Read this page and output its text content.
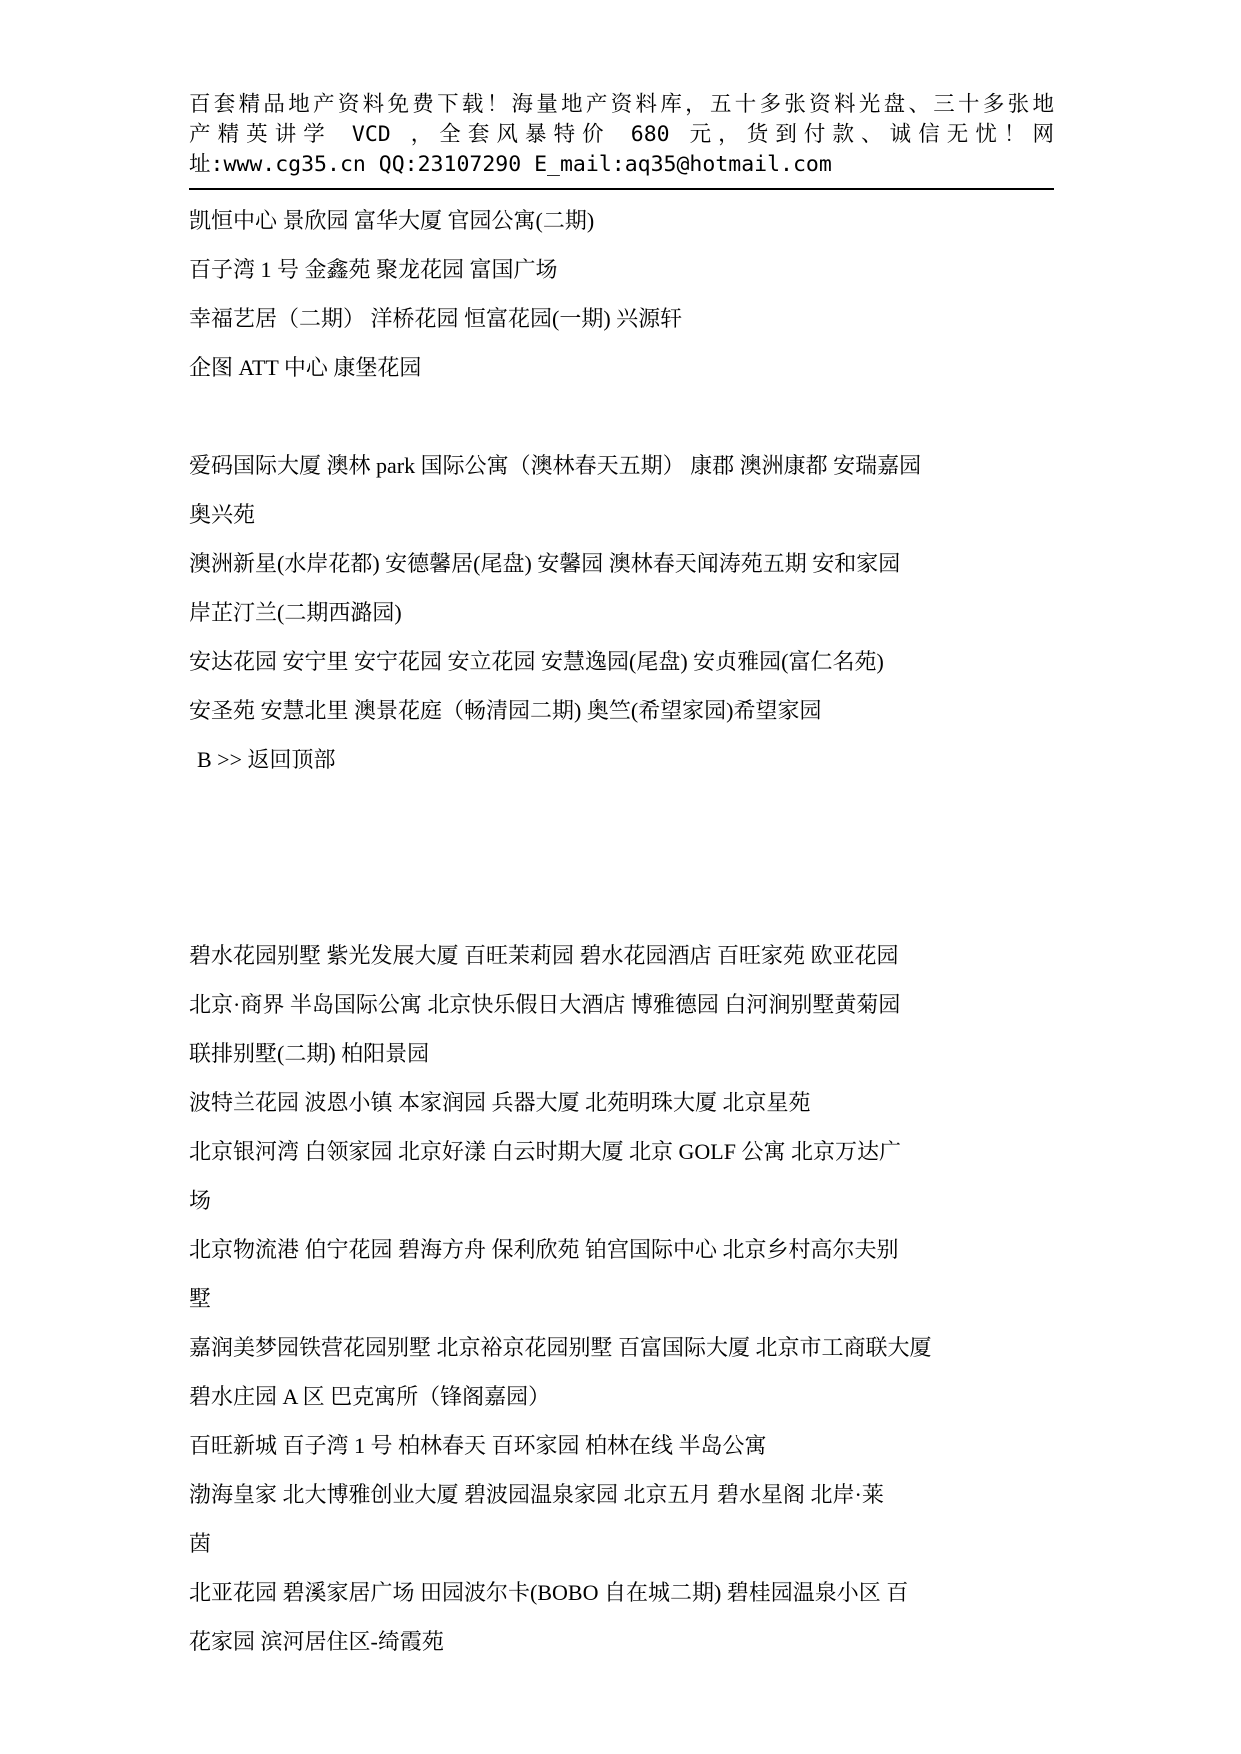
百套精品地产资料免费下载！海量地产资料库，五十多张资料光盘、三十多张地
产精英讲学 VCD ，全套风暴特价 680 元，货到付款、诚信无忧！网
址:www.cg35.cn QQ:23107290 E_mail:aq35@hotmail.com
凯恒中心 景欣园 富华大厦 官园公寓(二期)
百子湾 1 号 金鑫苑 聚龙花园 富国广场
幸福艺居（二期） 洋桥花园 恒富花园(一期) 兴源轩
企图 ATT 中心 康堡花园
爱码国际大厦 澳林 park 国际公寓（澳林春天五期） 康郡 澳洲康都 安瑞嘉园
奥兴苑
澳洲新星(水岸花都) 安德馨居(尾盘) 安馨园 澳林春天闻涛苑五期 安和家园
岸芷汀兰(二期西潞园)
安达花园 安宁里 安宁花园 安立花园 安慧逸园(尾盘) 安贞雅园(富仁名苑)
安圣苑 安慧北里 澳景花庭（畅清园二期) 奥竺(希望家园)希望家园
B >> 返回顶部
碧水花园别墅 紫光发展大厦 百旺茉莉园 碧水花园酒店 百旺家苑 欧亚花园
北京·商界 半岛国际公寓 北京快乐假日大酒店 博雅德园 白河涧别墅黄菊园
联排别墅(二期) 柏阳景园
波特兰花园 波恩小镇 本家润园 兵器大厦 北苑明珠大厦 北京星苑
北京银河湾 白领家园 北京好漾 白云时期大厦 北京 GOLF 公寓 北京万达广
场
北京物流港 伯宁花园 碧海方舟 保利欣苑 铂宫国际中心 北京乡村高尔夫别
墅
嘉润美梦园铁营花园别墅 北京裕京花园别墅 百富国际大厦 北京市工商联大厦
碧水庄园 A 区 巴克寓所（锋阁嘉园）
百旺新城 百子湾 1 号 柏林春天 百环家园 柏林在线 半岛公寓
渤海皇家 北大博雅创业大厦 碧波园温泉家园 北京五月 碧水星阁 北岸·莱
茵
北亚花园 碧溪家居广场 田园波尔卡(BOBO 自在城二期) 碧桂园温泉小区 百
花家园 滨河居住区-绮霞苑
